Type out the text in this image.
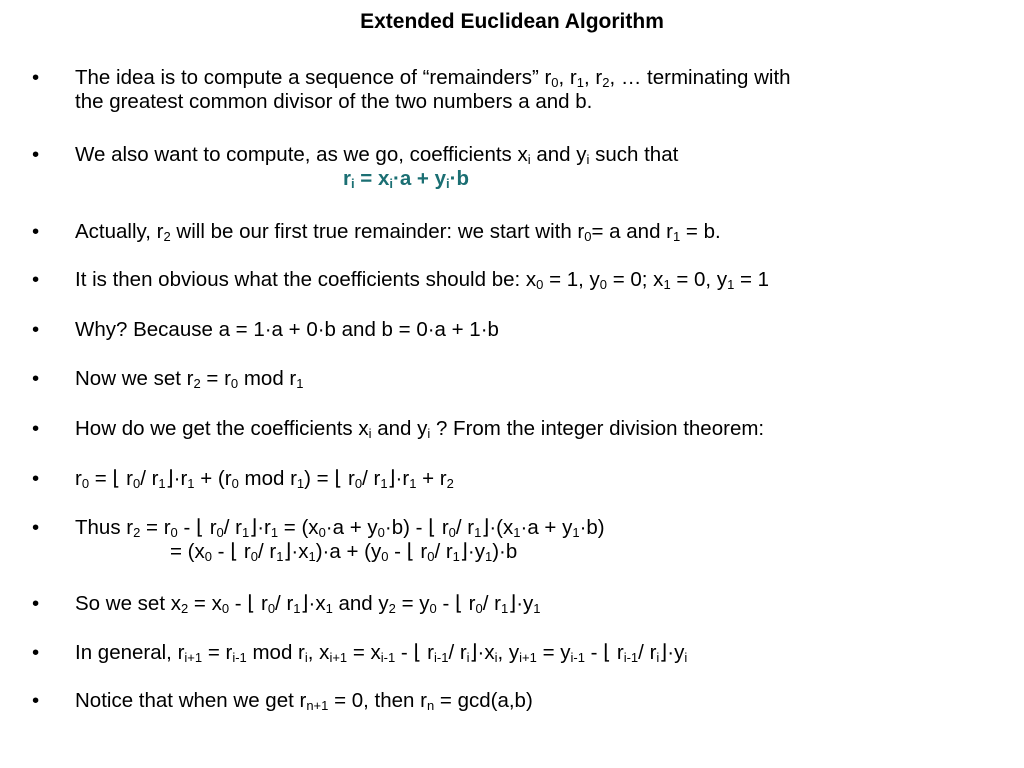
Extended Euclidean Algorithm
•	The idea is to compute a sequence of “remainders” $r_0$, $r_1$, $r_2$, … terminating with
the greatest common divisor of the two numbers a and b.
•	We also want to compute, as we go, coefficients $x_i$ and $y_i$ such that
$r_i = x_i\cdot a + y_i\cdot b$
•	Actually, $r_2$ will be our first true remainder: we start with $r_0= a$ and $r_1 = b$.
•	It is then obvious what the coefficients should be: $x_0 = 1$, $y_0 = 0$; $x_1 = 0$, $y_1 = 1$
•	Why? Because a = 1·a + 0·b and b = 0·a + 1·b
•	Now we set $r_2 = r_0$ mod $r_1$
•	How do we get the coefficients $x_i$ and $y_i$ ? From the integer division theorem:
•	$r_0$ = ⌊ $r_0/$ $r_1⌋\cdot r_1 + (r_0$ mod $r_1$) = ⌊ $r_0/$ $r_1⌋\cdot r_1 + r_2$
•	Thus $r_2 = r_0$ - ⌊ $r_0/$ $r_1⌋\cdot r_1 = (x_0\cdot a + y_0\cdot b)$ - ⌊ $r_0/$ $r_1⌋\cdot(x_1\cdot a + y_1\cdot b)$
= ($x_0$ - ⌊ $r_0/$ $r_1⌋\cdot x_1)\cdot a + (y_0$ - ⌊ $r_0/$ $r_1⌋\cdot y_1)\cdot b$
•	So we set $x_2 = x_0$ - ⌊ $r_0/$ $r_1⌋\cdot x_1$ and $y_2 = y_0$ - ⌊ $r_0/$ $r_1⌋\cdot y_1$
•	In general, $r_{i+1} = r_{i-1}$ mod $r_i$, $x_{i+1} = x_{i-1}$ - ⌊ $r_{i-1}/$ $r_i⌋\cdot x_i$, $y_{i+1} = y_{i-1}$ - ⌊ $r_{i-1}/$ $r_i⌋\cdot y_i$
•	Notice that when we get $r_{n+1} = 0$, then $r_n = \gcd(a,b)$
